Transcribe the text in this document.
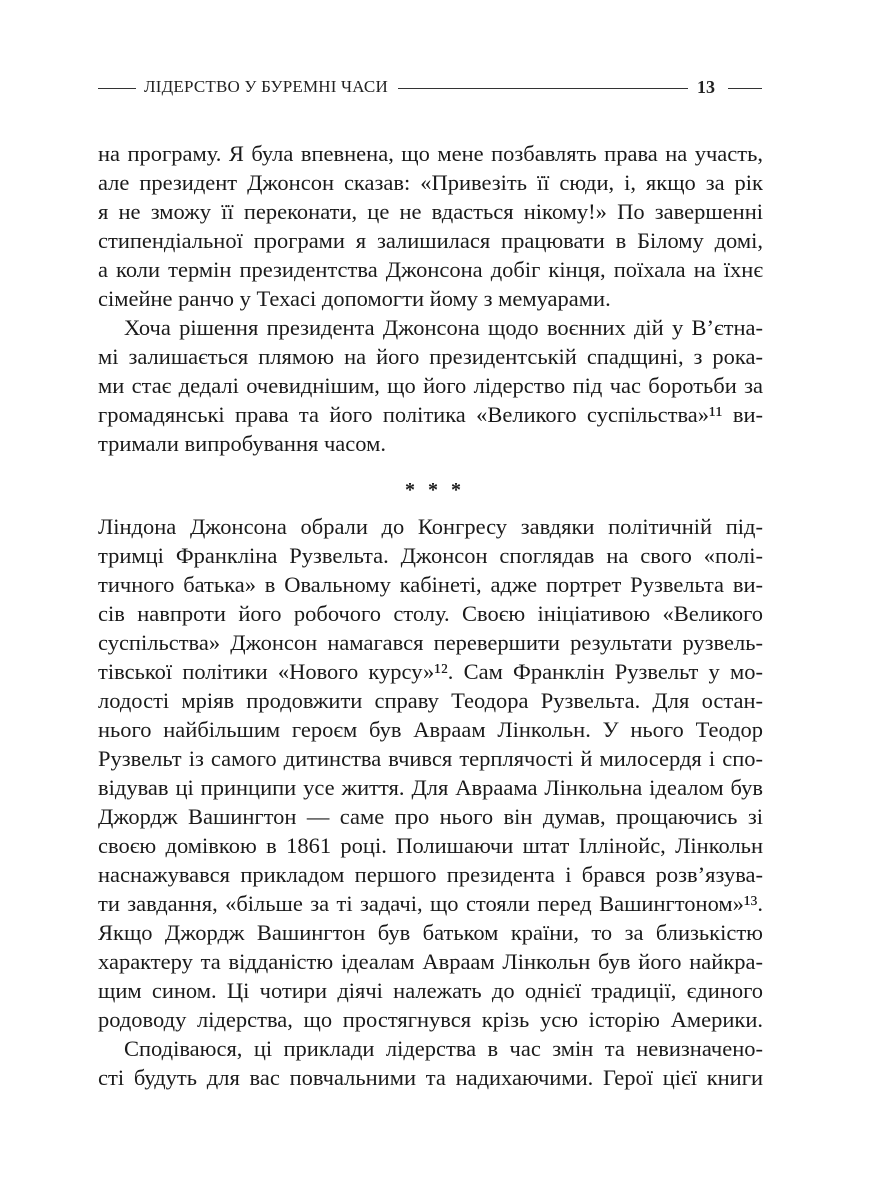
ЛІДЕРСТВО У БУРЕМНІ ЧАСИ	13
на програму. Я була впевнена, що мене позбавлять права на участь,
але президент Джонсон сказав: «Привезіть її сюди, і, якщо за рік
я не зможу її переконати, це не вдасться нікому!» По завершенні
стипендіальної програми я залишилася працювати в Білому домі,
а коли термін президентства Джонсона добіг кінця, поїхала на їхнє
сімейне ранчо у Техасі допомогти йому з мемуарами.
Хоча рішення президента Джонсона щодо воєнних дій у В’єтна-
мі залишається плямою на його президентській спадщині, з рока-
ми стає дедалі очевиднішим, що його лідерство під час боротьби за
громадянські права та його політика «Великого суспільства»¹¹ ви-
тримали випробування часом.
* * *
Ліндона Джонсона обрали до Конгресу завдяки політичній під-
тримці Франкліна Рузвельта. Джонсон споглядав на свого «полі-
тичного батька» в Овальному кабінеті, адже портрет Рузвельта ви-
сів навпроти його робочого столу. Своєю ініціативою «Великого
суспільства» Джонсон намагався перевершити результати рузвель-
тівської політики «Нового курсу»¹². Сам Франклін Рузвельт у мо-
лодості мріяв продовжити справу Теодора Рузвельта. Для остан-
нього найбільшим героєм був Авраам Лінкольн. У нього Теодор
Рузвельт із самого дитинства вчився терплячості й милосердя і спо-
відував ці принципи усе життя. Для Авраама Лінкольна ідеалом був
Джордж Вашингтон — саме про нього він думав, прощаючись зі
своєю домівкою в 1861 році. Полишаючи штат Іллінойс, Лінкольн
наснажувався прикладом першого президента і брався розв’язува-
ти завдання, «більше за ті задачі, що стояли перед Вашингтоном»¹³.
Якщо Джордж Вашингтон був батьком країни, то за близькістю
характеру та відданістю ідеалам Авраам Лінкольн був його найкра-
щим сином. Ці чотири діячі належать до однієї традиції, єдиного
родоводу лідерства, що простягнувся крізь усю історію Америки.
Сподіваюся, ці приклади лідерства в час змін та невизначено-
сті будуть для вас повчальними та надихаючими. Герої цієї книги
